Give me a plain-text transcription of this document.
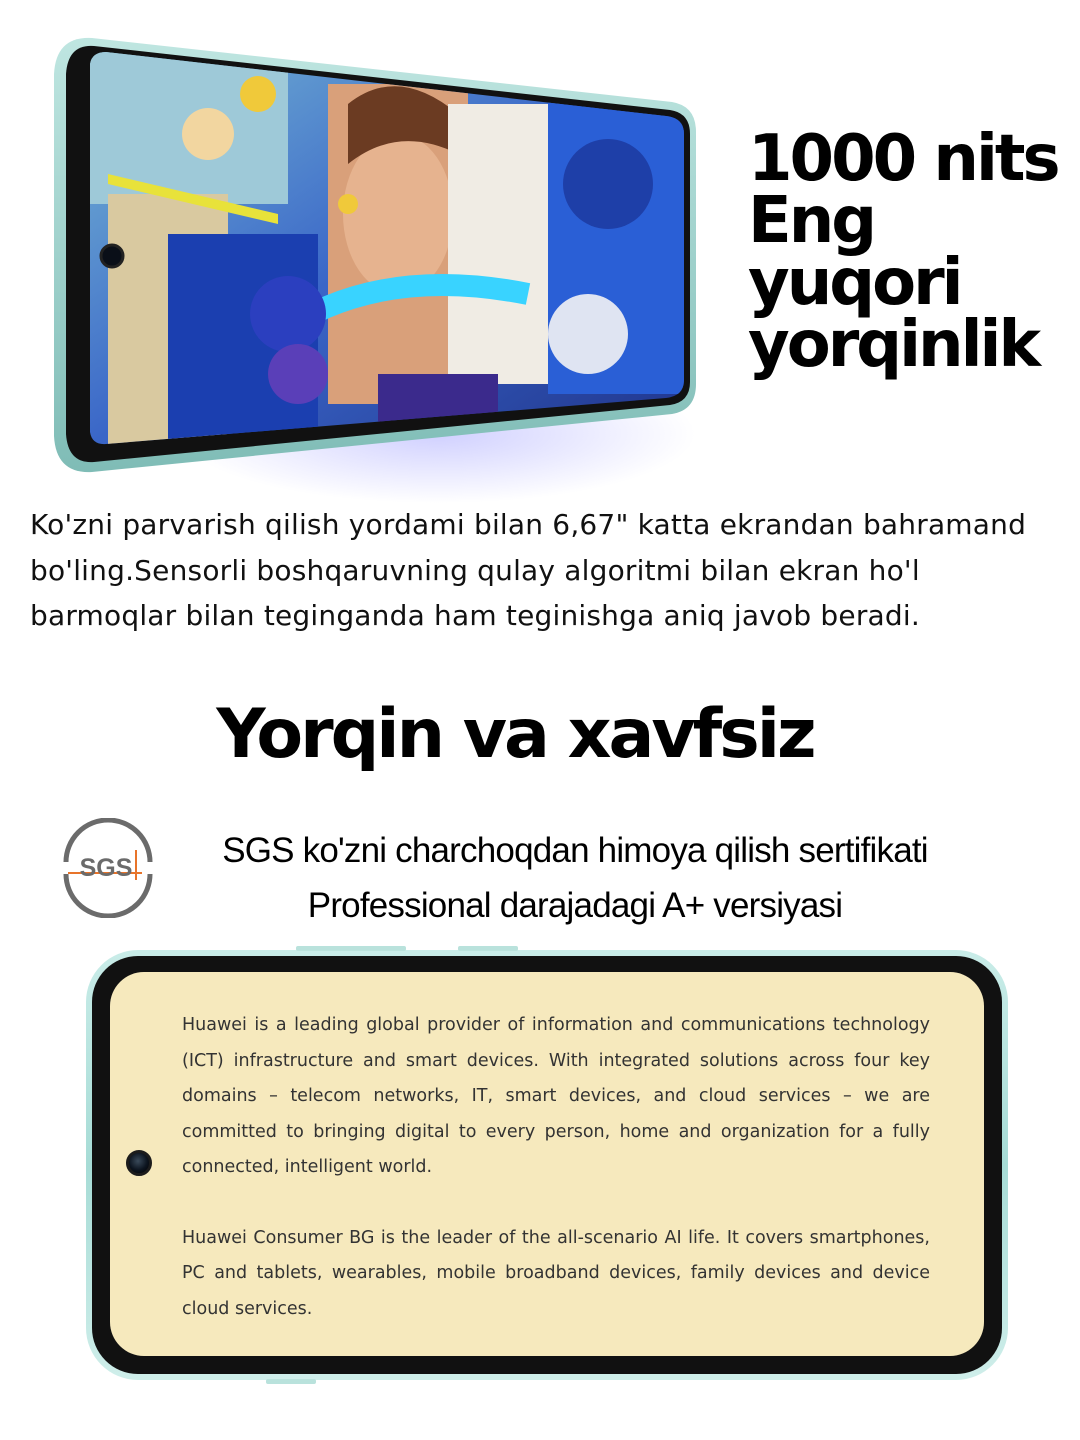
1000 nits
Eng
yuqori
yorqinlik
Ko'zni parvarish qilish yordami bilan 6,67" katta ekrandan bahramand bo'ling.Sensorli boshqaruvning qulay algoritmi bilan ekran ho'l barmoqlar bilan teginganda ham teginishga aniq javob beradi.
Yorqin va xavfsiz
SGS	SGS ko'zni charchoqdan himoya qilish sertifikati
Professional darajadagi A+ versiyasi

Huawei is a leading global provider of information and communications technology (ICT) infrastructure and smart devices. With integrated solutions across four key domains – telecom networks, IT, smart devices, and cloud services – we are committed to bringing digital to every person, home and organization for a fully connected, intelligent world.

Huawei Consumer BG is the leader of the all-scenario AI life. It covers smartphones, PC and tablets, wearables, mobile broadband devices, family devices and device cloud services.
